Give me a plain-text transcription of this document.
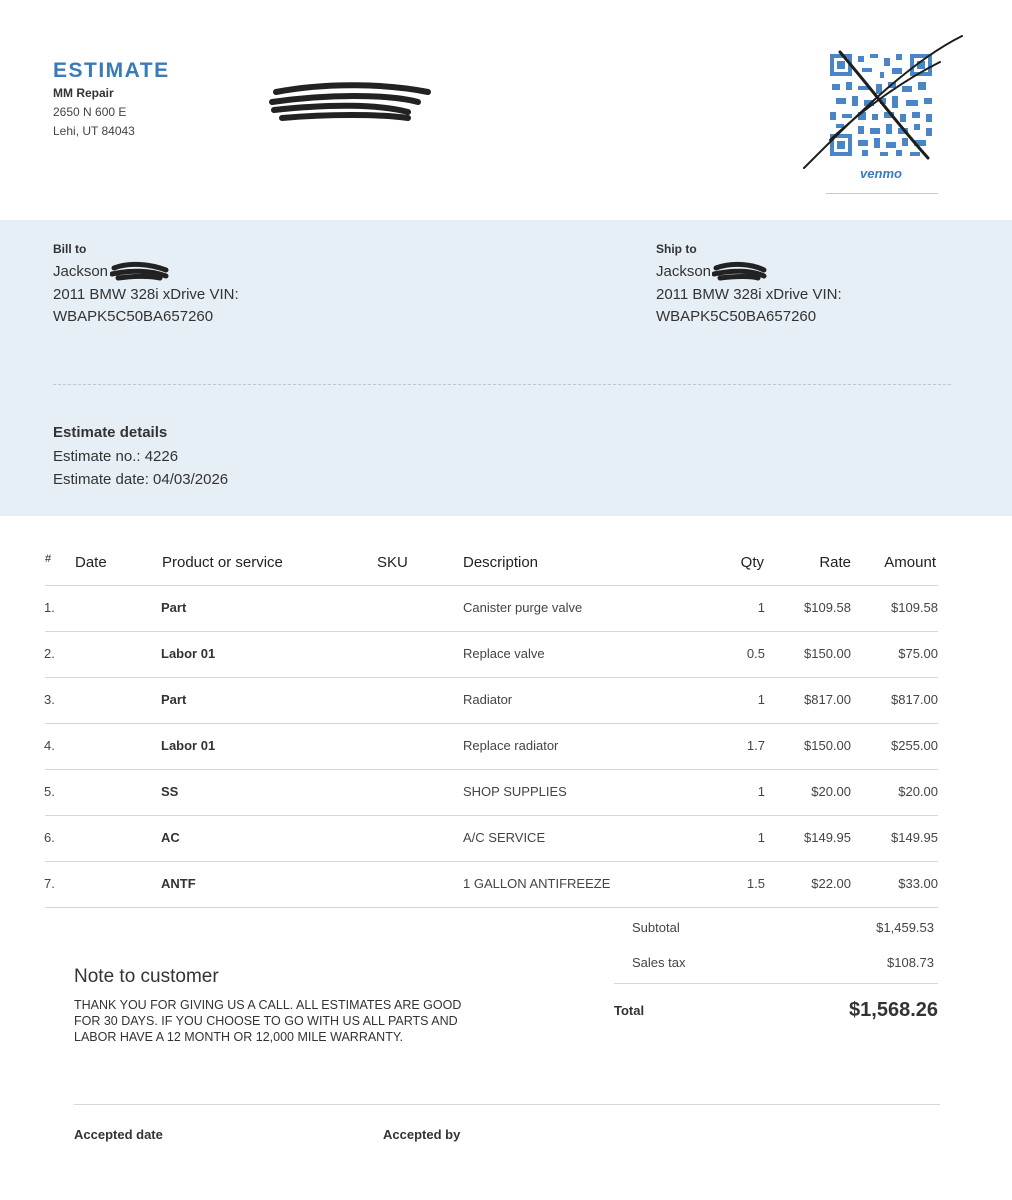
ESTIMATE
MM Repair
2650 N 600 E
Lehi, UT 84043
venmo
Bill to
Jackson
2011 BMW 328i xDrive VIN:
WBAPK5C50BA657260
Ship to
Jackson
2011 BMW 328i xDrive VIN:
WBAPK5C50BA657260
Estimate details
Estimate no.: 4226
Estimate date: 04/03/2026
# Date	Product or service	SKU	Description	Qty	Rate	Amount
1.	Part	Canister purge valve	1	$109.58	$109.58
2.	Labor 01	Replace valve	0.5	$150.00	$75.00
3.	Part	Radiator	1	$817.00	$817.00
4.	Labor 01	Replace radiator	1.7	$150.00	$255.00
5.	SS	SHOP SUPPLIES	1	$20.00	$20.00
6.	AC	A/C SERVICE	1	$149.95	$149.95
7.	ANTF	1 GALLON ANTIFREEZE	1.5	$22.00	$33.00
Subtotal	$1,459.53
Sales tax	$108.73
Total	$1,568.26
Note to customer
THANK YOU FOR GIVING US A CALL. ALL ESTIMATES ARE GOOD
FOR 30 DAYS. IF YOU CHOOSE TO GO WITH US ALL PARTS AND
LABOR HAVE A 12 MONTH OR 12,000 MILE WARRANTY.
Accepted date	Accepted by
